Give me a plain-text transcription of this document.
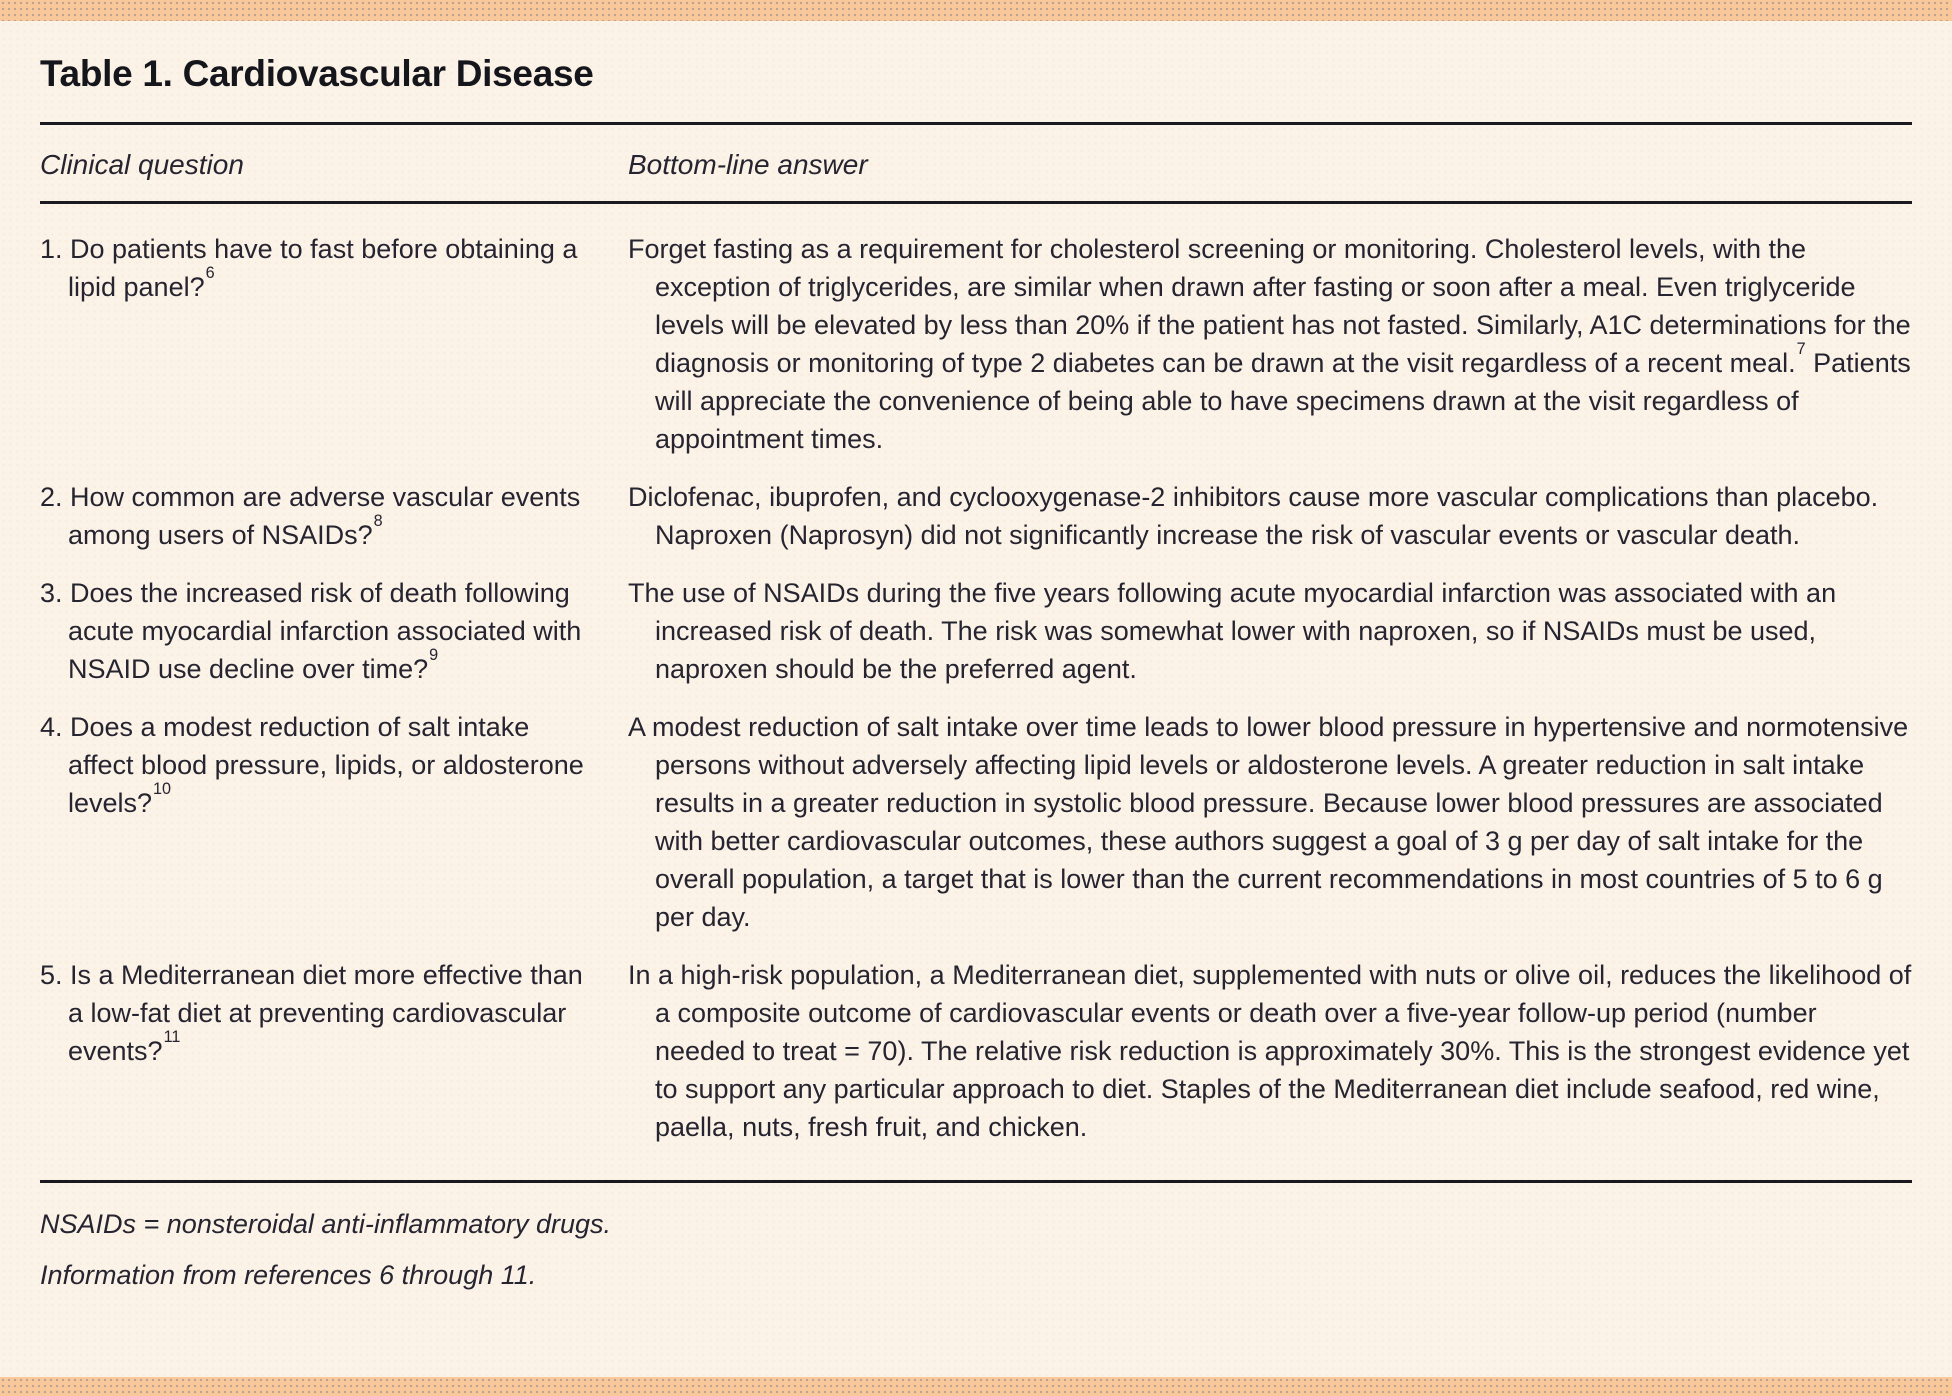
Table 1. Cardiovascular Disease
Clinical question	Bottom-line answer
1. Do patients have to fast before obtaining a lipid panel?$^6$
Forget fasting as a requirement for cholesterol screening or monitoring. Cholesterol levels, with the exception of triglycerides, are similar when drawn after fasting or soon after a meal. Even triglyceride levels will be elevated by less than 20% if the patient has not fasted. Similarly, A1C determinations for the diagnosis or monitoring of type 2 diabetes can be drawn at the visit regardless of a recent meal.$^7$ Patients will appreciate the convenience of being able to have specimens drawn at the visit regardless of appointment times.
2. How common are adverse vascular events among users of NSAIDs?$^8$
Diclofenac, ibuprofen, and cyclooxygenase-2 inhibitors cause more vascular complications than placebo. Naproxen (Naprosyn) did not significantly increase the risk of vascular events or vascular death.
3. Does the increased risk of death following acute myocardial infarction associated with NSAID use decline over time?$^9$
The use of NSAIDs during the five years following acute myocardial infarction was associated with an increased risk of death. The risk was somewhat lower with naproxen, so if NSAIDs must be used, naproxen should be the preferred agent.
4. Does a modest reduction of salt intake affect blood pressure, lipids, or aldosterone levels?$^{10}$
A modest reduction of salt intake over time leads to lower blood pressure in hypertensive and normotensive persons without adversely affecting lipid levels or aldosterone levels. A greater reduction in salt intake results in a greater reduction in systolic blood pressure. Because lower blood pressures are associated with better cardiovascular outcomes, these authors suggest a goal of 3 g per day of salt intake for the overall population, a target that is lower than the current recommendations in most countries of 5 to 6 g per day.
5. Is a Mediterranean diet more effective than a low-fat diet at preventing cardiovascular events?$^{11}$
In a high-risk population, a Mediterranean diet, supplemented with nuts or olive oil, reduces the likelihood of a composite outcome of cardiovascular events or death over a five-year follow-up period (number needed to treat = 70). The relative risk reduction is approximately 30%. This is the strongest evidence yet to support any particular approach to diet. Staples of the Mediterranean diet include seafood, red wine, paella, nuts, fresh fruit, and chicken.

NSAIDs = nonsteroidal anti-inflammatory drugs.

Information from references 6 through 11.
